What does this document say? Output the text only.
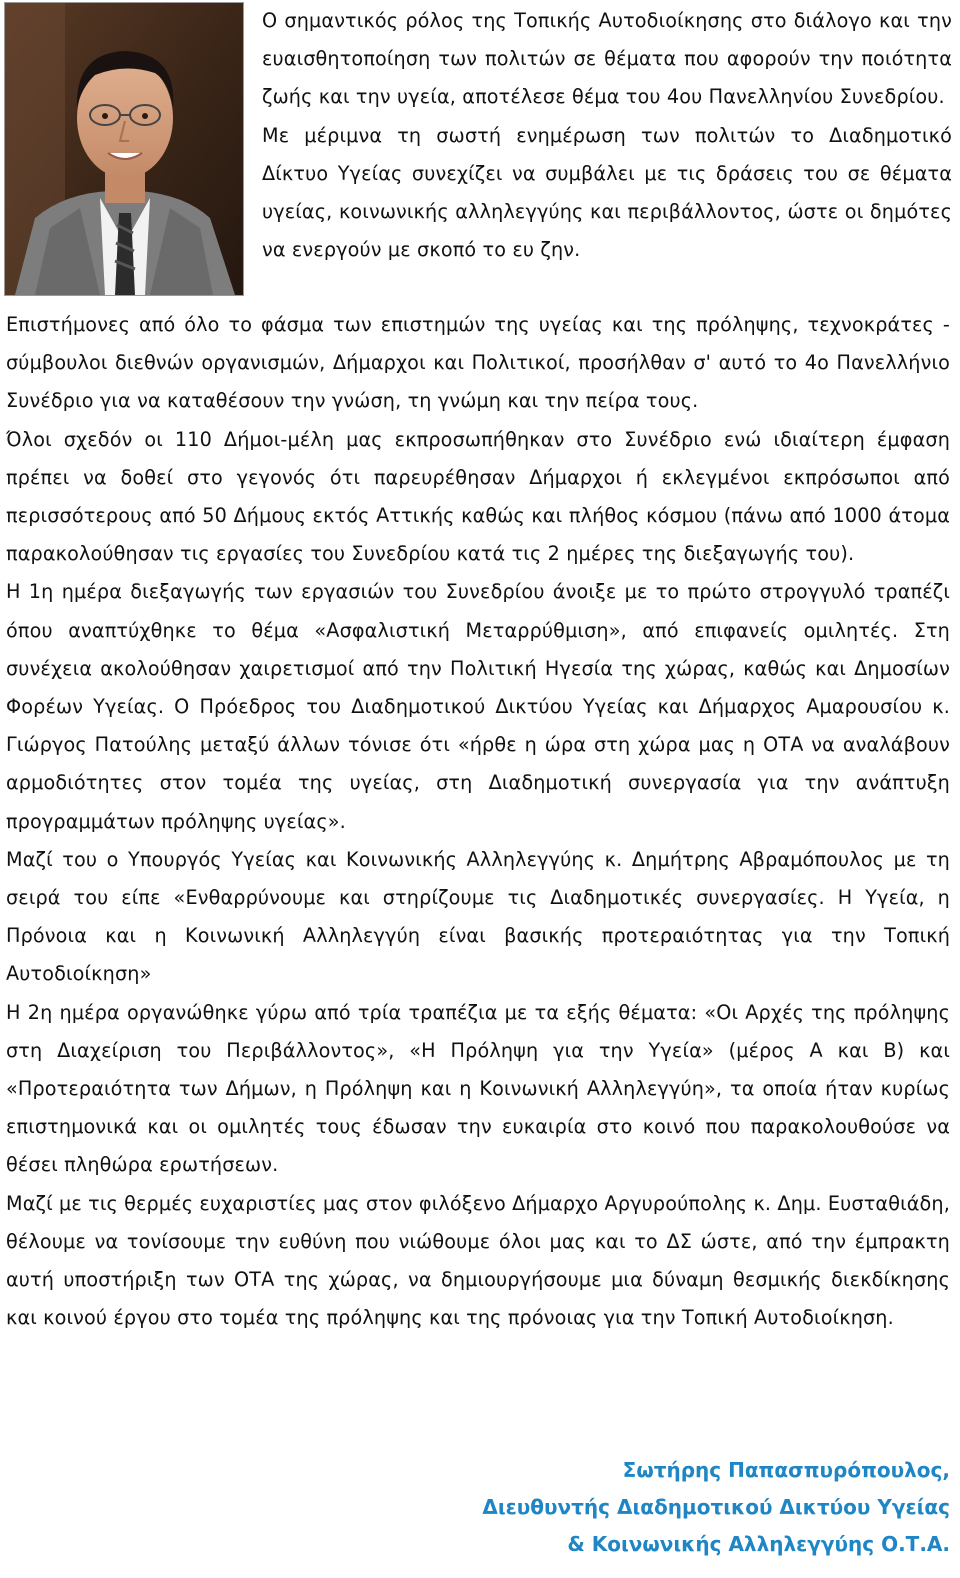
Ο σημαντικός ρόλος της Τοπικής Αυτοδιοίκησης στο διάλογο και την ευαισθητοποίηση των πολιτών σε θέματα που αφορούν την ποιότητα ζωής και την υγεία, αποτέλεσε θέμα του 4ου Πανελληνίου Συνεδρίου.

Με μέριμνα τη σωστή ενημέρωση των πολιτών το Διαδημοτικό Δίκτυο Υγείας συνεχίζει να συμβάλει με τις δράσεις του σε θέματα υγείας, κοινωνικής αλληλεγγύης και περιβάλλοντος, ώστε οι δημότες να ενεργούν με σκοπό το ευ ζην.

Επιστήμονες από όλο το φάσμα των επιστημών της υγείας και της πρόληψης, τεχνοκράτες - σύμβουλοι διεθνών οργανισμών, Δήμαρχοι και Πολιτικοί, προσήλθαν σ' αυτό το 4ο Πανελλήνιο Συνέδριο για να καταθέσουν την γνώση, τη γνώμη και την πείρα τους.

Όλοι σχεδόν οι 110 Δήμοι-μέλη μας εκπροσωπήθηκαν στο Συνέδριο ενώ ιδιαίτερη έμφαση πρέπει να δοθεί στο γεγονός ότι παρευρέθησαν Δήμαρχοι ή εκλεγμένοι εκπρόσωποι από περισσότερους από 50 Δήμους εκτός Αττικής καθώς και πλήθος κόσμου (πάνω από 1000 άτομα παρακολούθησαν τις εργασίες του Συνεδρίου κατά τις 2 ημέρες της διεξαγωγής του).

Η 1η ημέρα διεξαγωγής των εργασιών του Συνεδρίου άνοιξε με το πρώτο στρογγυλό τραπέζι όπου αναπτύχθηκε το θέμα «Ασφαλιστική Μεταρρύθμιση», από επιφανείς ομιλητές. Στη συνέχεια ακολούθησαν χαιρετισμοί από την Πολιτική Ηγεσία της χώρας, καθώς και Δημοσίων Φορέων Υγείας. Ο Πρόεδρος του Διαδημοτικού Δικτύου Υγείας και Δήμαρχος Αμαρουσίου κ. Γιώργος Πατούλης μεταξύ άλλων τόνισε ότι «ήρθε η ώρα στη χώρα μας η ΟΤΑ να αναλάβουν αρμοδιότητες στον τομέα της υγείας, στη Διαδημοτική συνεργασία για την ανάπτυξη προγραμμάτων πρόληψης υγείας».

Μαζί του ο Υπουργός Υγείας και Κοινωνικής Αλληλεγγύης κ. Δημήτρης Αβραμόπουλος με τη σειρά του είπε «Ενθαρρύνουμε και στηρίζουμε τις Διαδημοτικές συνεργασίες. Η Υγεία, η Πρόνοια και η Κοινωνική Αλληλεγγύη είναι βασικής προτεραιότητας για την Τοπική Αυτοδιοίκηση»

Η 2η ημέρα οργανώθηκε γύρω από τρία τραπέζια με τα εξής θέματα: «Οι Αρχές της πρόληψης στη Διαχείριση του Περιβάλλοντος», «Η Πρόληψη για την Υγεία» (μέρος Α και Β) και «Προτεραιότητα των Δήμων, η Πρόληψη και η Κοινωνική Αλληλεγγύη», τα οποία ήταν κυρίως επιστημονικά και οι ομιλητές τους έδωσαν την ευκαιρία στο κοινό που παρακολουθούσε να θέσει πληθώρα ερωτήσεων.

Μαζί με τις θερμές ευχαριστίες μας στον φιλόξενο Δήμαρχο Αργυρούπολης κ. Δημ. Ευσταθιάδη, θέλουμε να τονίσουμε την ευθύνη που νιώθουμε όλοι μας και το ΔΣ ώστε, από την έμπρακτη αυτή υποστήριξη των ΟΤΑ της χώρας, να δημιουργήσουμε μια δύναμη θεσμικής διεκδίκησης και κοινού έργου στο τομέα της πρόληψης και της πρόνοιας για την Τοπική Αυτοδιοίκηση.

Σωτήρης Παπασπυρόπουλος,
Διευθυντής Διαδημοτικού Δικτύου Υγείας
& Κοινωνικής Αλληλεγγύης Ο.Τ.Α.
